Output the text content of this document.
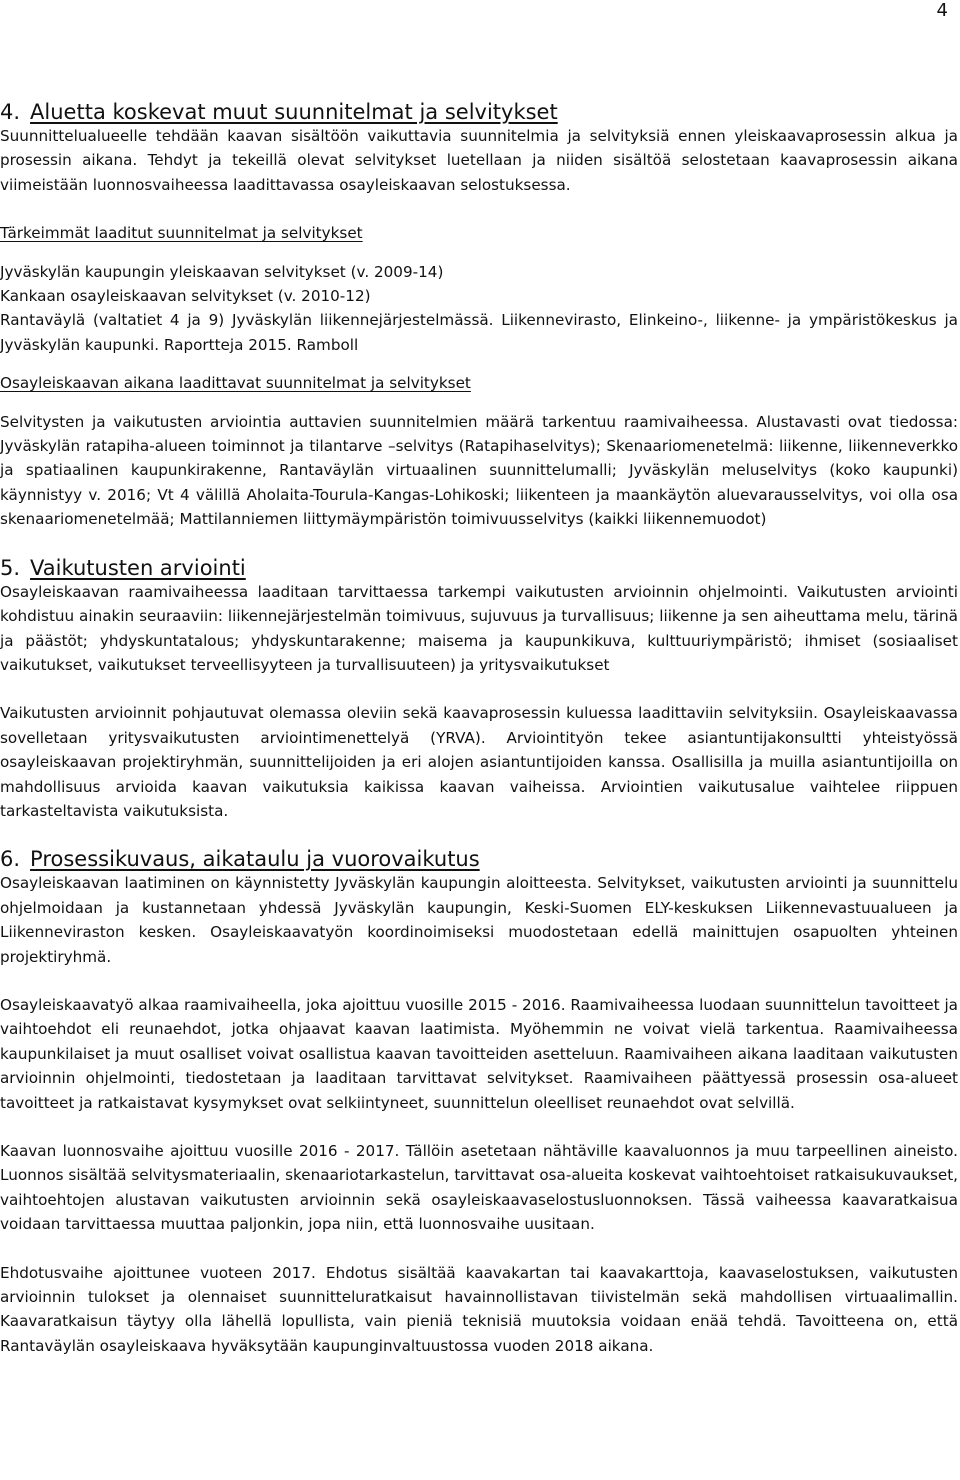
4
4. Aluetta koskevat muut suunnitelmat ja selvitykset

Suunnittelualueelle tehdään kaavan sisältöön vaikuttavia suunnitelmia ja selvityksiä ennen yleiskaavaprosessin alkua ja prosessin aikana. Tehdyt ja tekeillä olevat selvitykset luetellaan ja niiden sisältöä selostetaan kaavaprosessin aikana viimeistään luonnosvaiheessa laadittavassa osayleiskaavan selostuksessa.

Tärkeimmät laaditut suunnitelmat ja selvitykset

Jyväskylän kaupungin yleiskaavan selvitykset (v. 2009-14)

Kankaan osayleiskaavan selvitykset (v. 2010-12)

Rantaväylä (valtatiet 4 ja 9) Jyväskylän liikennejärjestelmässä. Liikennevirasto, Elinkeino-, liikenne- ja ympäristökeskus ja Jyväskylän kaupunki. Raportteja 2015. Ramboll

Osayleiskaavan aikana laadittavat suunnitelmat ja selvitykset

Selvitysten ja vaikutusten arviointia auttavien suunnitelmien määrä tarkentuu raamivaiheessa. Alustavasti ovat tiedossa: Jyväskylän ratapiha-alueen toiminnot ja tilantarve –selvitys (Ratapihaselvitys); Skenaariomenetelmä: liikenne, liikenneverkko ja spatiaalinen kaupunkirakenne, Rantaväylän virtuaalinen suunnittelumalli; Jyväskylän meluselvitys (koko kaupunki) käynnistyy v. 2016; Vt 4 välillä Aholaita-Tourula-Kangas-Lohikoski; liikenteen ja maankäytön aluevarausselvitys, voi olla osa skenaariomenetelmää; Mattilanniemen liittymäympäristön toimivuusselvitys (kaikki liikennemuodot)

5. Vaikutusten arviointi

Osayleiskaavan raamivaiheessa laaditaan tarvittaessa tarkempi vaikutusten arvioinnin ohjelmointi. Vaikutusten arviointi kohdistuu ainakin seuraaviin: liikennejärjestelmän toimivuus, sujuvuus ja turvallisuus; liikenne ja sen aiheuttama melu, tärinä ja päästöt; yhdyskuntatalous; yhdyskuntarakenne; maisema ja kaupunkikuva, kulttuuriympäristö; ihmiset (sosiaaliset vaikutukset, vaikutukset terveellisyyteen ja turvallisuuteen) ja yritysvaikutukset

Vaikutusten arvioinnit pohjautuvat olemassa oleviin sekä kaavaprosessin kuluessa laadittaviin selvityksiin. Osayleiskaavassa sovelletaan yritysvaikutusten arviointimenettelyä (YRVA). Arviointityön tekee asiantuntijakonsultti yhteistyössä osayleiskaavan projektiryhmän, suunnittelijoiden ja eri alojen asiantuntijoiden kanssa. Osallisilla ja muilla asiantuntijoilla on mahdollisuus arvioida kaavan vaikutuksia kaikissa kaavan vaiheissa. Arviointien vaikutusalue vaihtelee riippuen tarkasteltavista vaikutuksista.

6. Prosessikuvaus, aikataulu ja vuorovaikutus

Osayleiskaavan laatiminen on käynnistetty Jyväskylän kaupungin aloitteesta. Selvitykset, vaikutusten arviointi ja suunnittelu ohjelmoidaan ja kustannetaan yhdessä Jyväskylän kaupungin, Keski-Suomen ELY-keskuksen Liikennevastuualueen ja Liikenneviraston kesken. Osayleiskaavatyön koordinoimiseksi muodostetaan edellä mainittujen osapuolten yhteinen projektiryhmä.

Osayleiskaavatyö alkaa raamivaiheella, joka ajoittuu vuosille 2015 - 2016. Raamivaiheessa luodaan suunnittelun tavoitteet ja vaihtoehdot eli reunaehdot, jotka ohjaavat kaavan laatimista. Myöhemmin ne voivat vielä tarkentua. Raamivaiheessa kaupunkilaiset ja muut osalliset voivat osallistua kaavan tavoitteiden asetteluun. Raamivaiheen aikana laaditaan vaikutusten arvioinnin ohjelmointi, tiedostetaan ja laaditaan tarvittavat selvitykset. Raamivaiheen päättyessä prosessin osa-alueet tavoitteet ja ratkaistavat kysymykset ovat selkiintyneet, suunnittelun oleelliset reunaehdot ovat selvillä.

Kaavan luonnosvaihe ajoittuu vuosille 2016 - 2017. Tällöin asetetaan nähtäville kaavaluonnos ja muu tarpeellinen aineisto. Luonnos sisältää selvitysmateriaalin, skenaariotarkastelun, tarvittavat osa-alueita koskevat vaihtoehtoiset ratkaisukuvaukset, vaihtoehtojen alustavan vaikutusten arvioinnin sekä osayleiskaavaselostusluonnoksen. Tässä vaiheessa kaavaratkaisua voidaan tarvittaessa muuttaa paljonkin, jopa niin, että luonnosvaihe uusitaan.

Ehdotusvaihe ajoittunee vuoteen 2017. Ehdotus sisältää kaavakartan tai kaavakarttoja, kaavaselostuksen, vaikutusten arvioinnin tulokset ja olennaiset suunnitteluratkaisut havainnollistavan tiivistelmän sekä mahdollisen virtuaalimallin. Kaavaratkaisun täytyy olla lähellä lopullista, vain pieniä teknisiä muutoksia voidaan enää tehdä. Tavoitteena on, että Rantaväylän osayleiskaava hyväksytään kaupunginvaltuustossa vuoden 2018 aikana.
